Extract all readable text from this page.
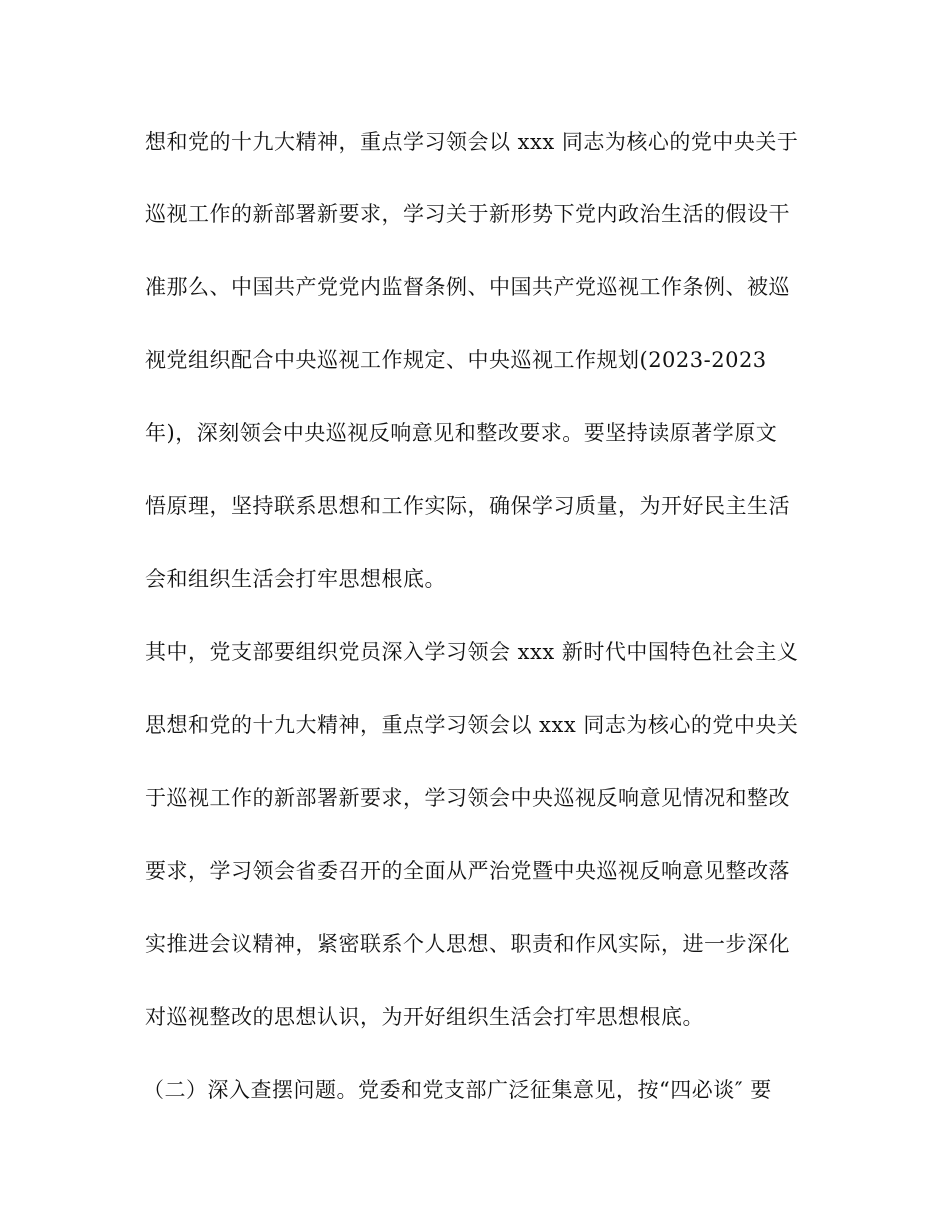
想和党的十九大精神，重点学习领会以 xxx 同志为核心的党中央关于
巡视工作的新部署新要求，学习关于新形势下党内政治生活的假设干
准那么、中国共产党党内监督条例、中国共产党巡视工作条例、被巡
视党组织配合中央巡视工作规定、中央巡视工作规划(2023-2023
年)，深刻领会中央巡视反响意见和整改要求。要坚持读原著学原文
悟原理，坚持联系思想和工作实际，确保学习质量，为开好民主生活
会和组织生活会打牢思想根底。
其中，党支部要组织党员深入学习领会 xxx 新时代中国特色社会主义
思想和党的十九大精神，重点学习领会以 xxx 同志为核心的党中央关
于巡视工作的新部署新要求，学习领会中央巡视反响意见情况和整改
要求，学习领会省委召开的全面从严治党暨中央巡视反响意见整改落
实推进会议精神，紧密联系个人思想、职责和作风实际，进一步深化
对巡视整改的思想认识，为开好组织生活会打牢思想根底。
（二）深入查摆问题。党委和党支部广泛征集意见，按“四必谈″ 要
